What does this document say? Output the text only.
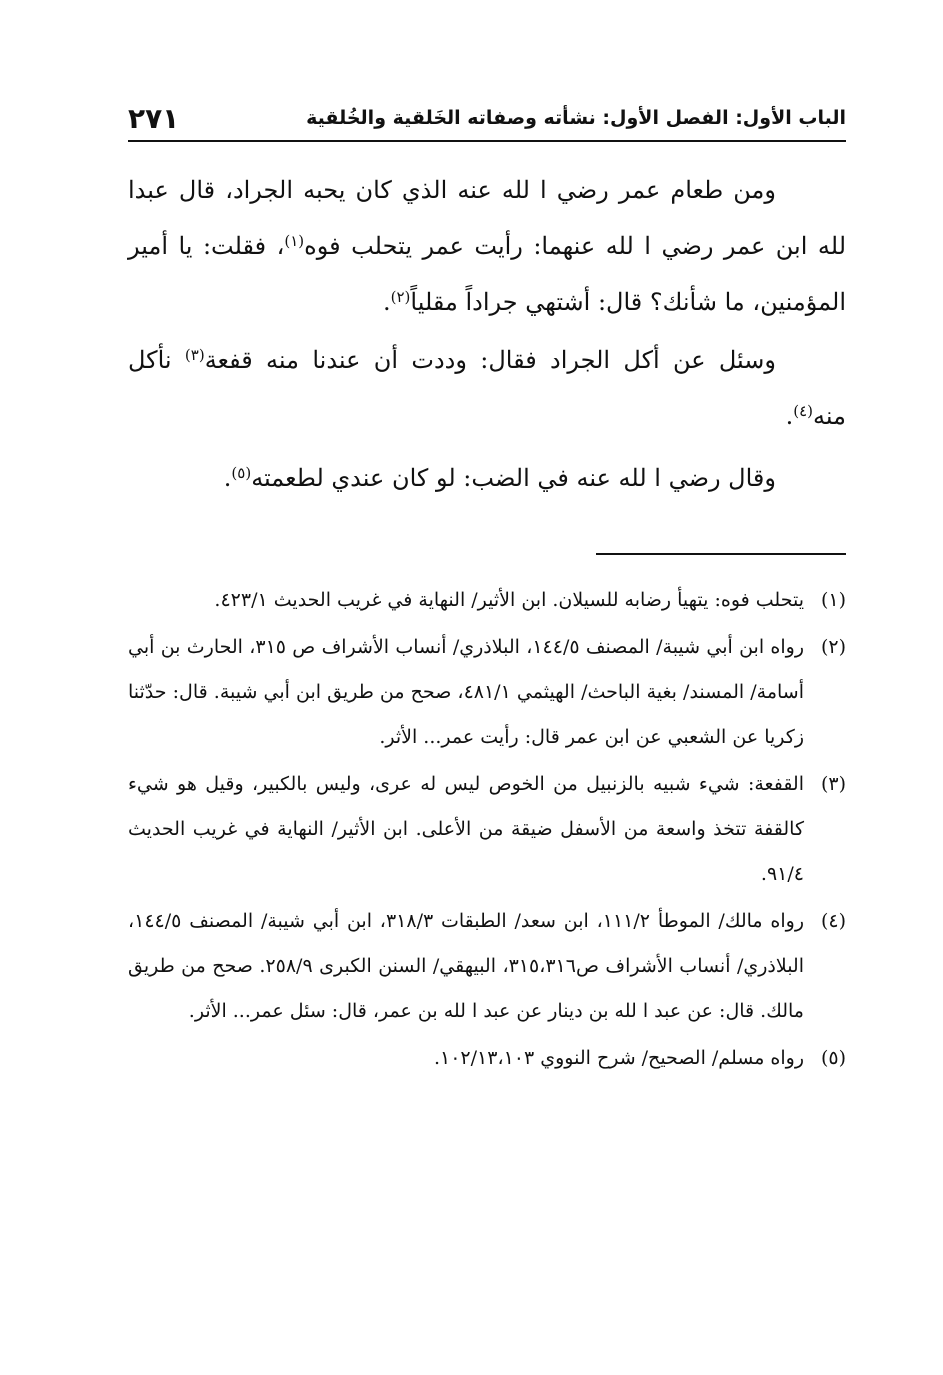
الباب الأول: الفصل الأول: نشأته وصفاته الخَلقية والخُلقية
٢٧١

ومن طعام عمر رضي ا لله عنه الذي كان يحبه الجراد، قال عبدا لله ابن عمر رضي ا لله عنهما: رأيت عمر يتحلب فوه$^{(١)}$، فقلت: يا أمير المؤمنين، ما شأنك؟ قال: أشتهي جراداً مقلياً$^{(٢)}$.

وسئل عن أكل الجراد فقال: وددت أن عندنا منه قفعة$^{(٣)}$ نأكل منه$^{(٤)}$.

وقال رضي ا لله عنه في الضب: لو كان عندي لطعمته$^{(٥)}$.

(١)
يتحلب فوه: يتهيأ رضابه للسيلان. ابن الأثير/ النهاية في غريب الحديث ٤٢٣/١.
(٢)
رواه ابن أبي شيبة/ المصنف ١٤٤/٥، البلاذري/ أنساب الأشراف ص ٣١٥، الحارث بن أبي أسامة/ المسند/ بغية الباحث/ الهيثمي ٤٨١/١، صحح من طريق ابن أبي شيبة. قال: حدّثنا زكريا عن الشعبي عن ابن عمر قال: رأيت عمر... الأثر.
(٣)
القفعة: شيء شبيه بالزنبيل من الخوص ليس له عرى، وليس بالكبير، وقيل هو شيء كالقفة تتخذ واسعة من الأسفل ضيقة من الأعلى. ابن الأثير/ النهاية في غريب الحديث ٩١/٤.
(٤)
رواه مالك/ الموطأ ١١١/٢، ابن سعد/ الطبقات ٣١٨/٣، ابن أبي شيبة/ المصنف ١٤٤/٥، البلاذري/ أنساب الأشراف ص٣١٥،٣١٦، البيهقي/ السنن الكبرى ٢٥٨/٩. صحح من طريق مالك. قال: عن عبد ا لله بن دينار عن عبد ا لله بن عمر، قال: سئل عمر... الأثر.
(٥)
رواه مسلم/ الصحيح/ شرح النووي ١٠٢/١٣،١٠٣.
